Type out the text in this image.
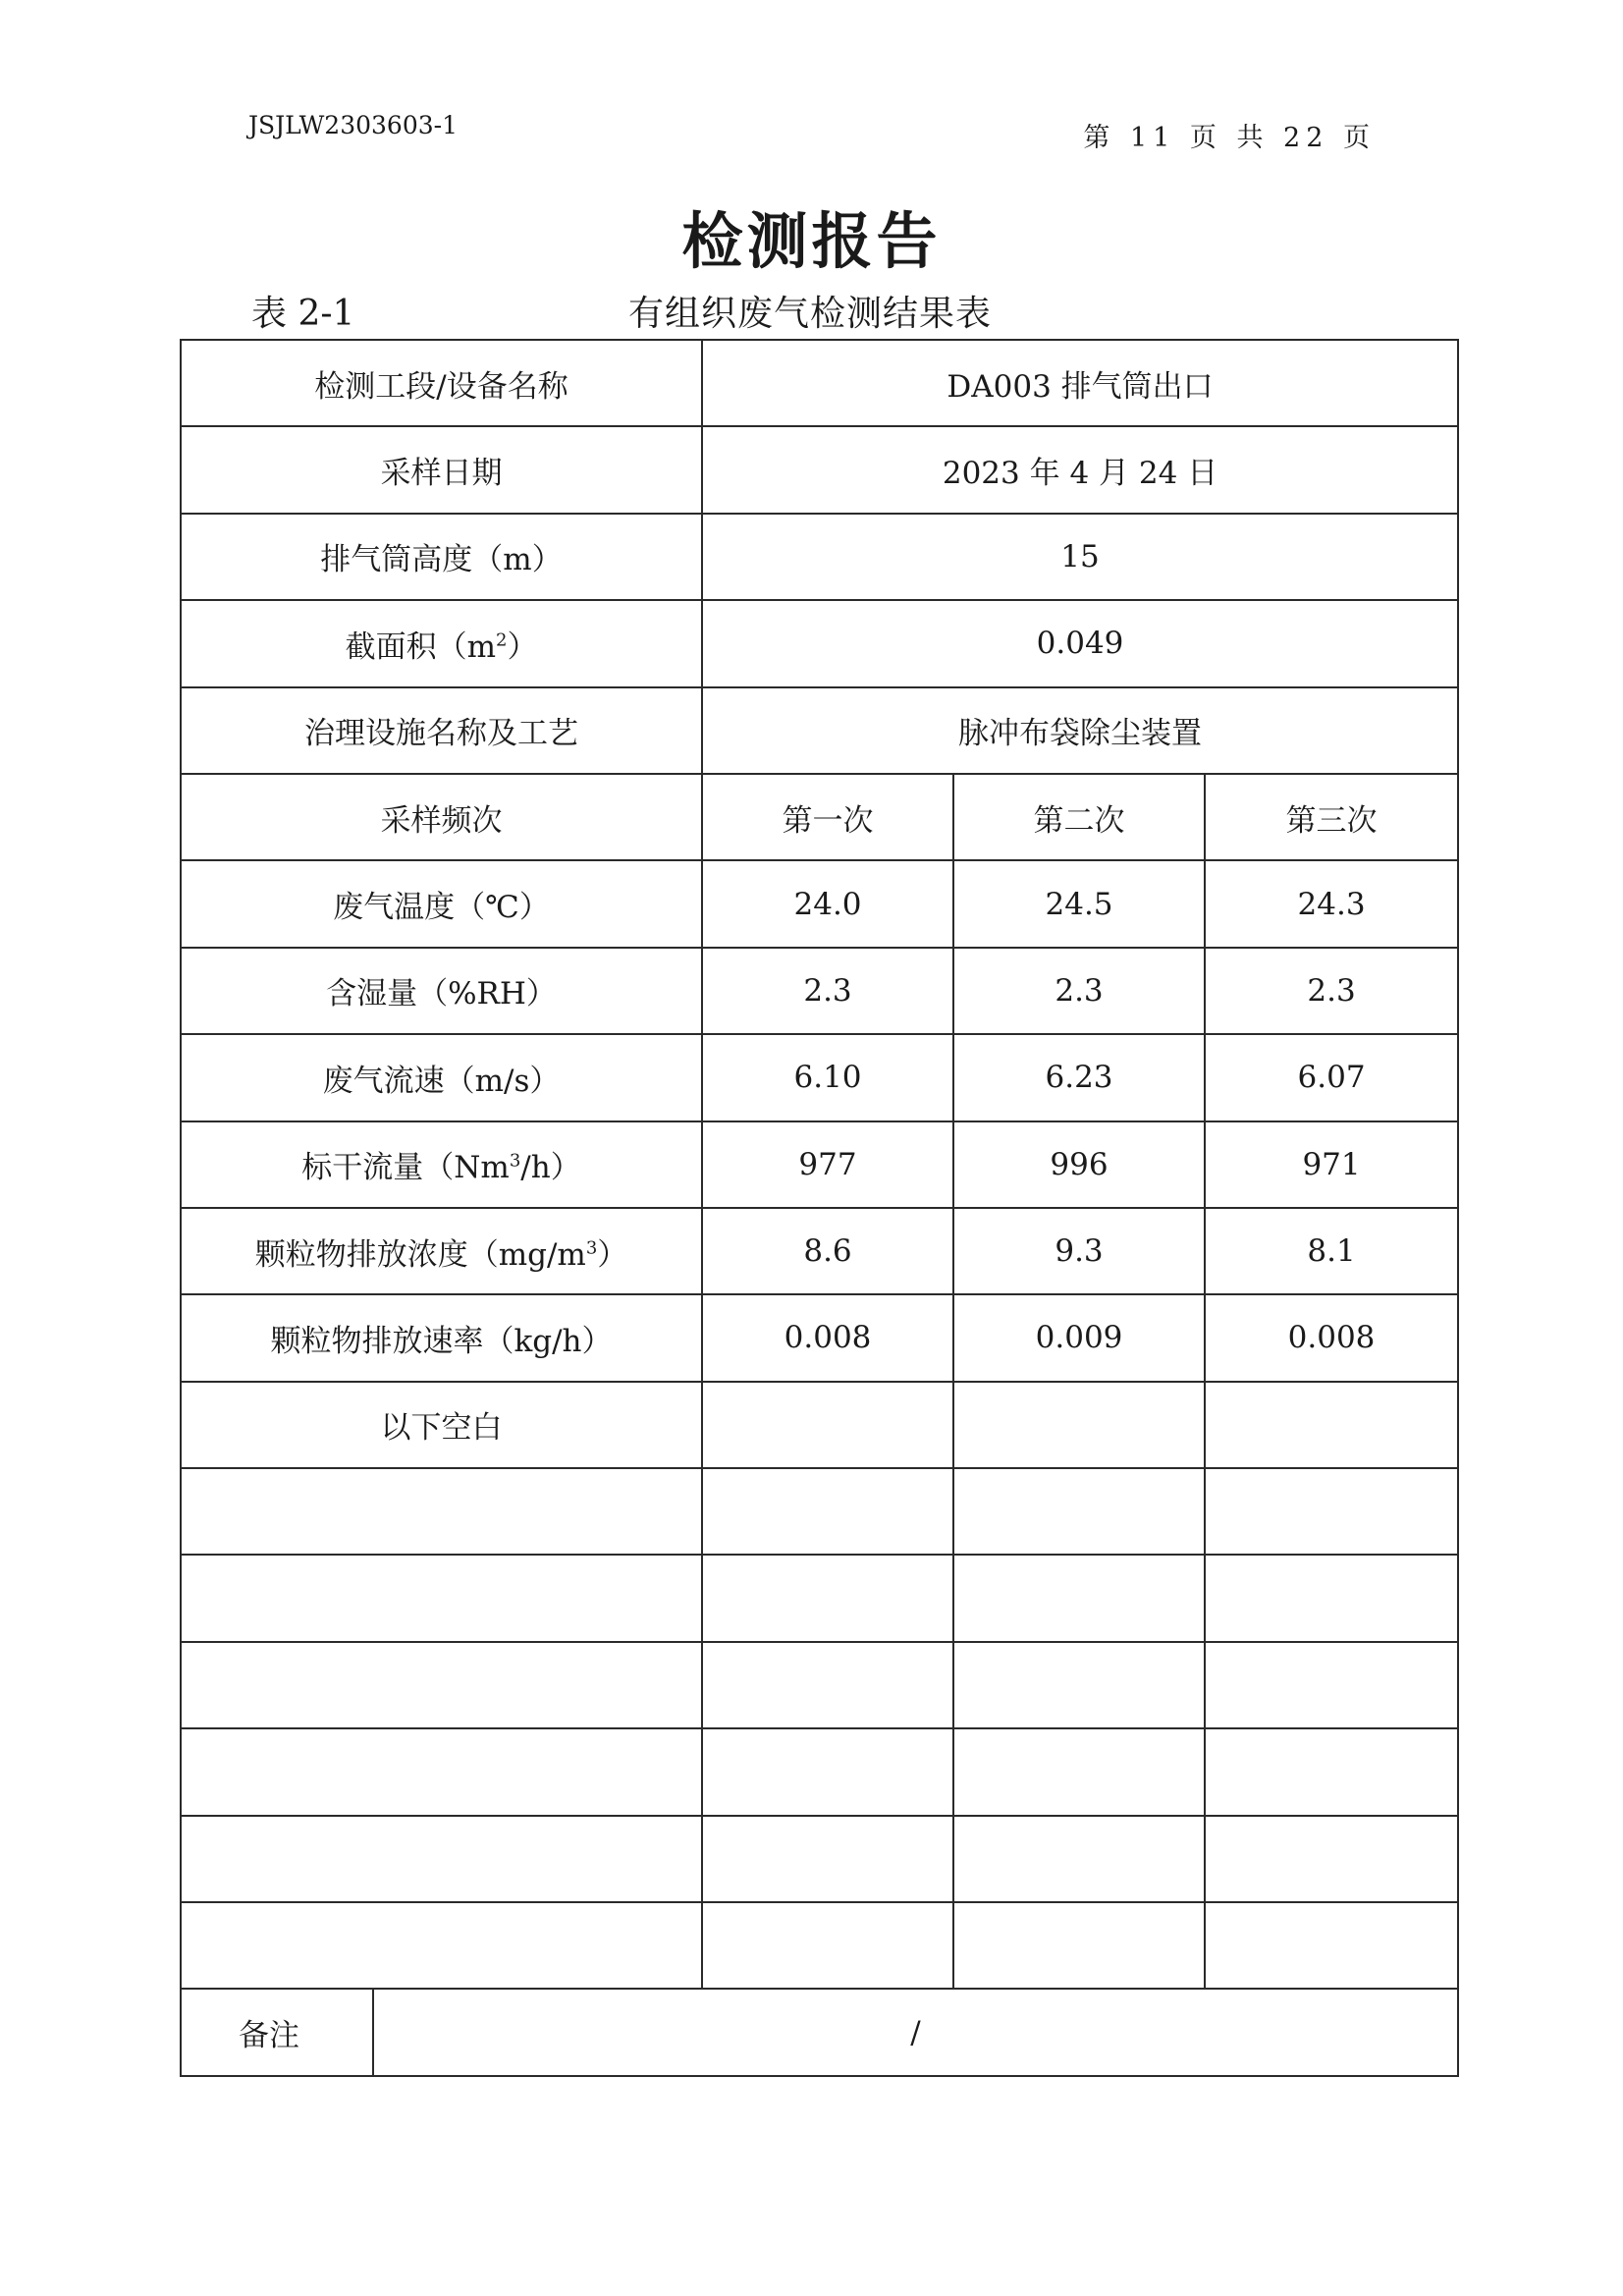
JSJLW2303603-1	第 11 页 共 22 页
检测报告
表 2-1	有组织废气检测结果表
检测工段/设备名称		DA003 排气筒出口		
采样日期		2023 年 4 月 24 日		
排气筒高度（m）		15		
截面积$(m^2)$		0.049		
治理设施名称及工艺		脉冲布袋除尘装置		
采样频次		第一次	第二次	第三次
废气温度（℃）		24.0	24.5	24.3
含湿量（%RH）		2.3	2.3	2.3
废气流速（m/s）		6.10	6.23	6.07
标干流量（Nm$^3$/h）		977	996	971
颗粒物排放浓度$(mg/m^3)$		8.6	9.3	8.1
颗粒物排放速率（kg/h）		0.008	0.009	0.008
以下空白				

备注	/			
